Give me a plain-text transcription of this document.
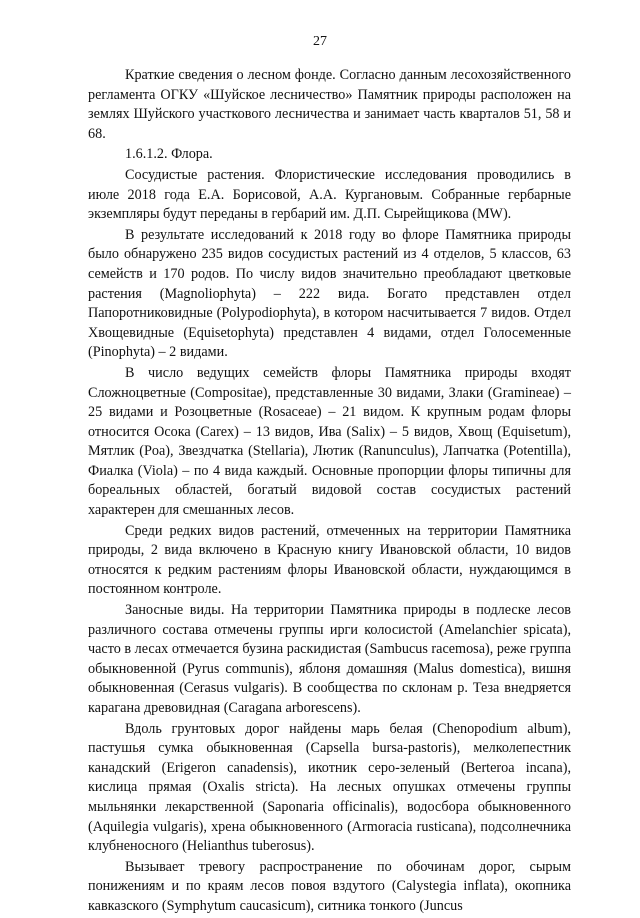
27

Краткие сведения о лесном фонде. Согласно данным лесохозяйственного регламента ОГКУ «Шуйское лесничество» Памятник природы расположен на землях Шуйского участкового лесничества и занимает часть кварталов 51, 58 и 68.

1.6.1.2. Флора.

Сосудистые растения. Флористические исследования проводились в июле 2018 года Е.А. Борисовой, А.А. Кургановым. Собранные гербарные экземпляры будут переданы в гербарий им. Д.П. Сырейщикова (MW).

В результате исследований к 2018 году во флоре Памятника природы было обнаружено 235 видов сосудистых растений из 4 отделов, 5 классов, 63 семейств и 170 родов. По числу видов значительно преобладают цветковые растения (Magnoliophyta) – 222 вида. Богато представлен отдел Папоротниковидные (Polypodiophyta), в котором насчитывается 7 видов. Отдел Хвощевидные (Equisetophyta) представлен 4 видами, отдел Голосеменные (Pinophyta) – 2 видами.

В число ведущих семейств флоры Памятника природы входят Сложноцветные (Compositae), представленные 30 видами, Злаки (Gramineae) – 25 видами и Розоцветные (Rosaceae) – 21 видом. К крупным родам флоры относится Осока (Carex) – 13 видов, Ива (Salix) – 5 видов, Хвощ (Equisetum), Мятлик (Poa), Звездчатка (Stellaria), Лютик (Ranunculus), Лапчатка (Potentilla), Фиалка (Viola) – по 4 вида каждый. Основные пропорции флоры типичны для бореальных областей, богатый видовой состав сосудистых растений характерен для смешанных лесов.

Среди редких видов растений, отмеченных на территории Памятника природы, 2 вида включено в Красную книгу Ивановской области, 10 видов относятся к редким растениям флоры Ивановской области, нуждающимся в постоянном контроле.

Заносные виды. На территории Памятника природы в подлеске лесов различного состава отмечены группы ирги колосистой (Amelanchier spicata), часто в лесах отмечается бузина раскидистая (Sambucus racemosa), реже группа обыкновенной (Pyrus communis), яблоня домашняя (Malus domestica), вишня обыкновенная (Cerasus vulgaris). В сообщества по склонам р. Теза внедряется карагана древовидная (Caragana arborescens).

Вдоль грунтовых дорог найдены марь белая (Chenopodium album), пастушья сумка обыкновенная (Capsella bursa-pastoris), мелколепестник канадский (Erigeron canadensis), икотник серо-зеленый (Berteroa incana), кислица прямая (Oxalis stricta). На лесных опушках отмечены группы мыльнянки лекарственной (Saponaria officinalis), водосбора обыкновенного (Aquilegia vulgaris), хрена обыкновенного (Armoracia rusticana), подсолнечника клубненосного (Helianthus tuberosus).

Вызывает тревогу распространение по обочинам дорог, сырым понижениям и по краям лесов повоя вздутого (Calystegia inflata), окопника кавказского (Symphytum caucasicum), ситника тонкого (Juncus
